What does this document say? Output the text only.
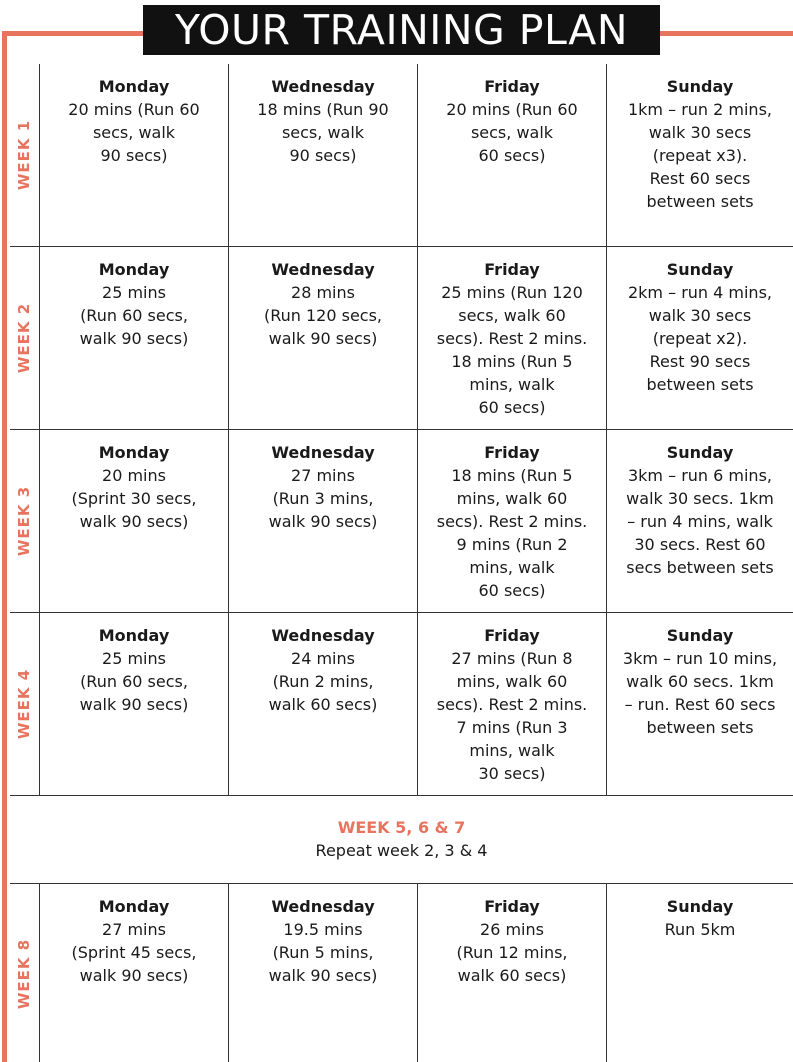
YOUR TRAINING PLAN
WEEK 1
WEEK 2
WEEK 3
WEEK 4
WEEK 8
Monday
20 mins (Run 60
secs, walk
90 secs)
Wednesday
18 mins (Run 90
secs, walk
90 secs)
Friday
20 mins (Run 60
secs, walk
60 secs)
Sunday
1km – run 2 mins,
walk 30 secs
(repeat x3).
Rest 60 secs
between sets
Monday
25 mins
(Run 60 secs,
walk 90 secs)
Wednesday
28 mins
(Run 120 secs,
walk 90 secs)
Friday
25 mins (Run 120
secs, walk 60
secs). Rest 2 mins.
18 mins (Run 5
mins, walk
60 secs)
Sunday
2km – run 4 mins,
walk 30 secs
(repeat x2).
Rest 90 secs
between sets
Monday
20 mins
(Sprint 30 secs,
walk 90 secs)
Wednesday
27 mins
(Run 3 mins,
walk 90 secs)
Friday
18 mins (Run 5
mins, walk 60
secs). Rest 2 mins.
9 mins (Run 2
mins, walk
60 secs)
Sunday
3km – run 6 mins,
walk 30 secs. 1km
– run 4 mins, walk
30 secs. Rest 60
secs between sets
Monday
25 mins
(Run 60 secs,
walk 90 secs)
Wednesday
24 mins
(Run 2 mins,
walk 60 secs)
Friday
27 mins (Run 8
mins, walk 60
secs). Rest 2 mins.
7 mins (Run 3
mins, walk
30 secs)
Sunday
3km – run 10 mins,
walk 60 secs. 1km
– run. Rest 60 secs
between sets
WEEK 5, 6 & 7
Repeat week 2, 3 & 4
Monday
27 mins
(Sprint 45 secs,
walk 90 secs)
Wednesday
19.5 mins
(Run 5 mins,
walk 90 secs)
Friday
26 mins
(Run 12 mins,
walk 60 secs)
Sunday
Run 5km
